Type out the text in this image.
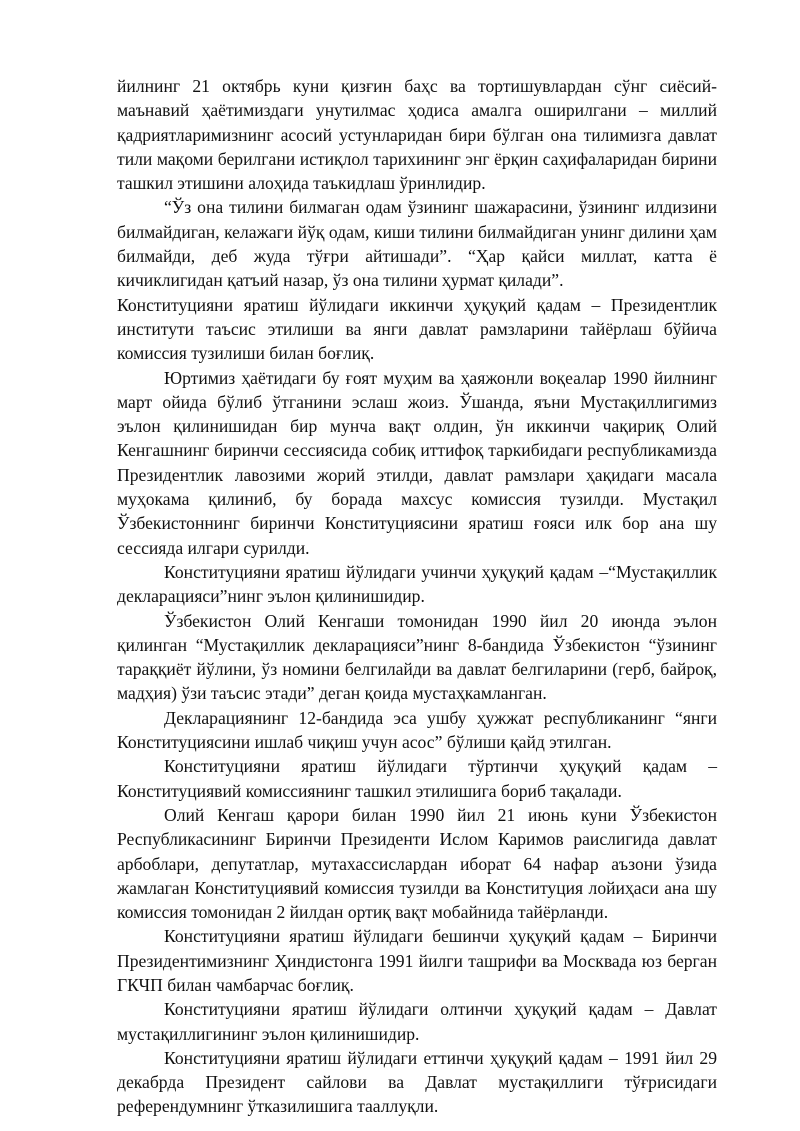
йилнинг 21 октябрь куни қизғин баҳс ва тортишувлардан сўнг сиёсий-маънавий ҳаётимиздаги унутилмас ҳодиса амалга оширилгани – миллий қадриятларимизнинг асосий устунларидан бири бўлган она тилимизга давлат тили мақоми берилгани истиқлол тарихининг энг ёрқин саҳифаларидан бирини ташкил этишини алоҳида таъкидлаш ўринлидир.

“Ўз она тилини билмаган одам ўзининг шажарасини, ўзининг илдизини билмайдиган, келажаги йўқ одам, киши тилини билмайдиган унинг дилини ҳам билмайди, деб жуда тўғри айтишади”. “Ҳар қайси миллат, катта ё кичиклигидан қатъий назар, ўз она тилини ҳурмат қилади”.

Конституцияни яратиш йўлидаги иккинчи ҳуқуқий қадам – Президентлик институти таъсис этилиши ва янги давлат рамзларини тайёрлаш бўйича комиссия тузилиши билан боғлиқ.

Юртимиз ҳаётидаги бу ғоят муҳим ва ҳаяжонли воқеалар 1990 йилнинг март ойида бўлиб ўтганини эслаш жоиз. Ўшанда, яъни Мустақиллигимиз эълон қилинишидан бир мунча вақт олдин, ўн иккинчи чақириқ Олий Кенгашнинг биринчи сессиясида собиқ иттифоқ таркибидаги республикамизда Президентлик лавозими жорий этилди, давлат рамзлари ҳақидаги масала муҳокама қилиниб, бу борада махсус комиссия тузилди. Мустақил Ўзбекистоннинг биринчи Конституциясини яратиш ғояси илк бор ана шу сессияда илгари сурилди.

Конституцияни яратиш йўлидаги учинчи ҳуқуқий қадам –“Мустақиллик декларацияси”нинг эълон қилинишидир.

Ўзбекистон Олий Кенгаши томонидан 1990 йил 20 июнда эълон қилинган “Мустақиллик декларацияси”нинг 8-бандида Ўзбекистон “ўзининг тараққиёт йўлини, ўз номини белгилайди ва давлат белгиларини (герб, байроқ, мадҳия) ўзи таъсис этади” деган қоида мустаҳкамланган.

Декларациянинг 12-бандида эса ушбу ҳужжат республиканинг “янги Конституциясини ишлаб чиқиш учун асос” бўлиши қайд этилган.

Конституцияни яратиш йўлидаги тўртинчи ҳуқуқий қадам – Конституциявий комиссиянинг ташкил этилишига бориб тақалади.

Олий Кенгаш қарори билан 1990 йил 21 июнь куни Ўзбекистон Республикасининг Биринчи Президенти Ислом Каримов раислигида давлат арбоблари, депутатлар, мутахассислардан иборат 64 нафар аъзони ўзида жамлаган Конституциявий комиссия тузилди ва Конституция лойиҳаси ана шу комиссия томонидан 2 йилдан ортиқ вақт мобайнида тайёрланди.

Конституцияни яратиш йўлидаги бешинчи ҳуқуқий қадам – Биринчи Президентимизнинг Ҳиндистонга 1991 йилги ташрифи ва Москвада юз берган ГКЧП билан чамбарчас боғлиқ.

Конституцияни яратиш йўлидаги олтинчи ҳуқуқий қадам – Давлат мустақиллигининг эълон қилинишидир.

Конституцияни яратиш йўлидаги еттинчи ҳуқуқий қадам – 1991 йил 29 декабрда Президент сайлови ва Давлат мустақиллиги тўғрисидаги референдумнинг ўтказилишига тааллуқли.
